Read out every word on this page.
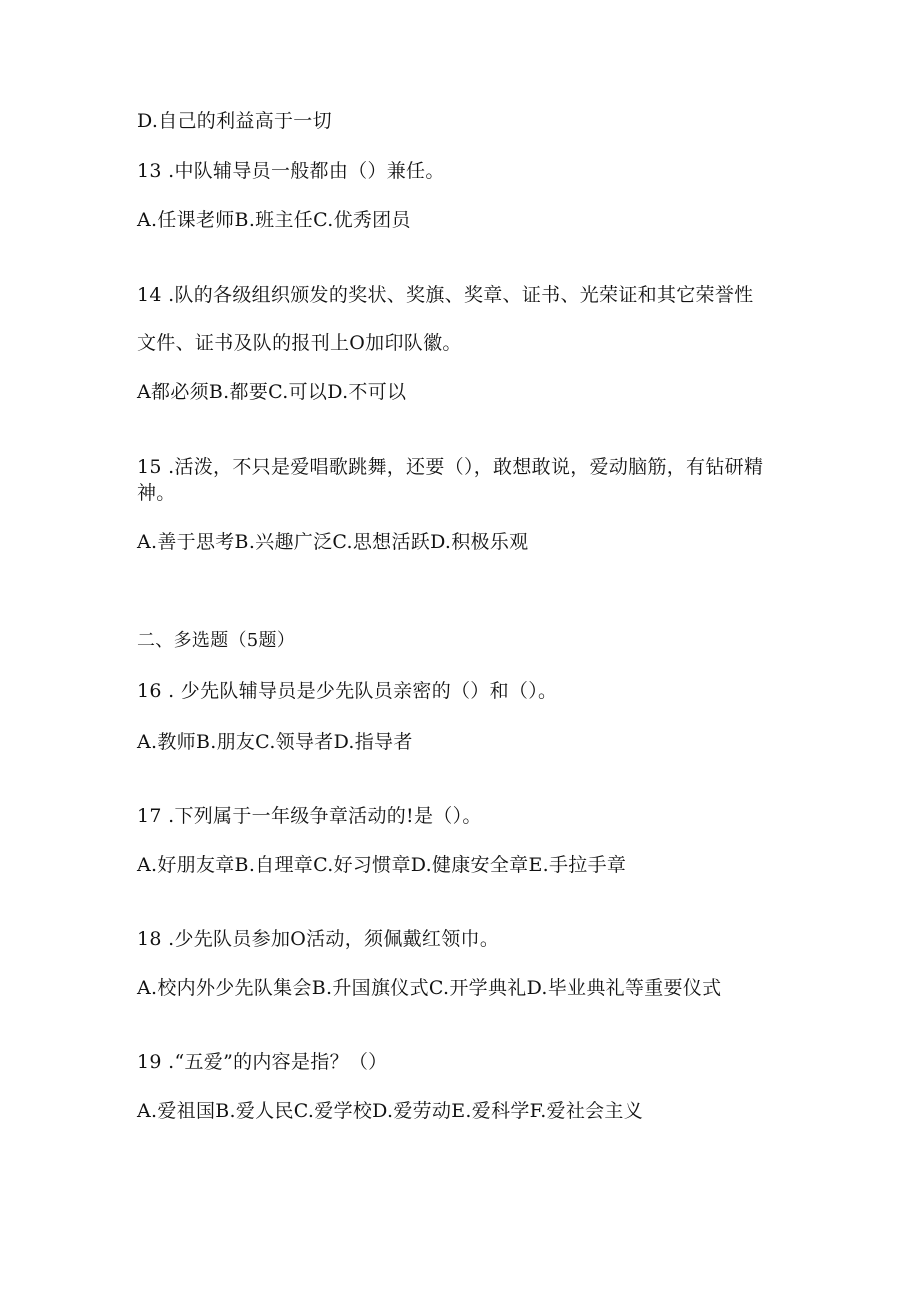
D.自己的利益高于一切
13 .中队辅导员一般都由（）兼任。
A.任课老师B.班主任C.优秀团员
14 .队的各级组织颁发的奖状、奖旗、奖章、证书、光荣证和其它荣誉性
文件、证书及队的报刊上O加印队徽。
A都必须B.都要C.可以D.不可以
15 .活泼，不只是爱唱歌跳舞，还要（），敢想敢说，爱动脑筋，有钻研精神。
A.善于思考B.兴趣广泛C.思想活跃D.积极乐观
二、多选题（5题）
16 . 少先队辅导员是少先队员亲密的（）和（）。
A.教师B.朋友C.领导者D.指导者
17 .下列属于一年级争章活动的!是（）。
A.好朋友章B.自理章C.好习惯章D.健康安全章E.手拉手章
18 .少先队员参加O活动，须佩戴红领巾。
A.校内外少先队集会B.升国旗仪式C.开学典礼D.毕业典礼等重要仪式
19 .“五爱”的内容是指？（）
A.爱祖国B.爱人民C.爱学校D.爱劳动E.爱科学F.爱社会主义
